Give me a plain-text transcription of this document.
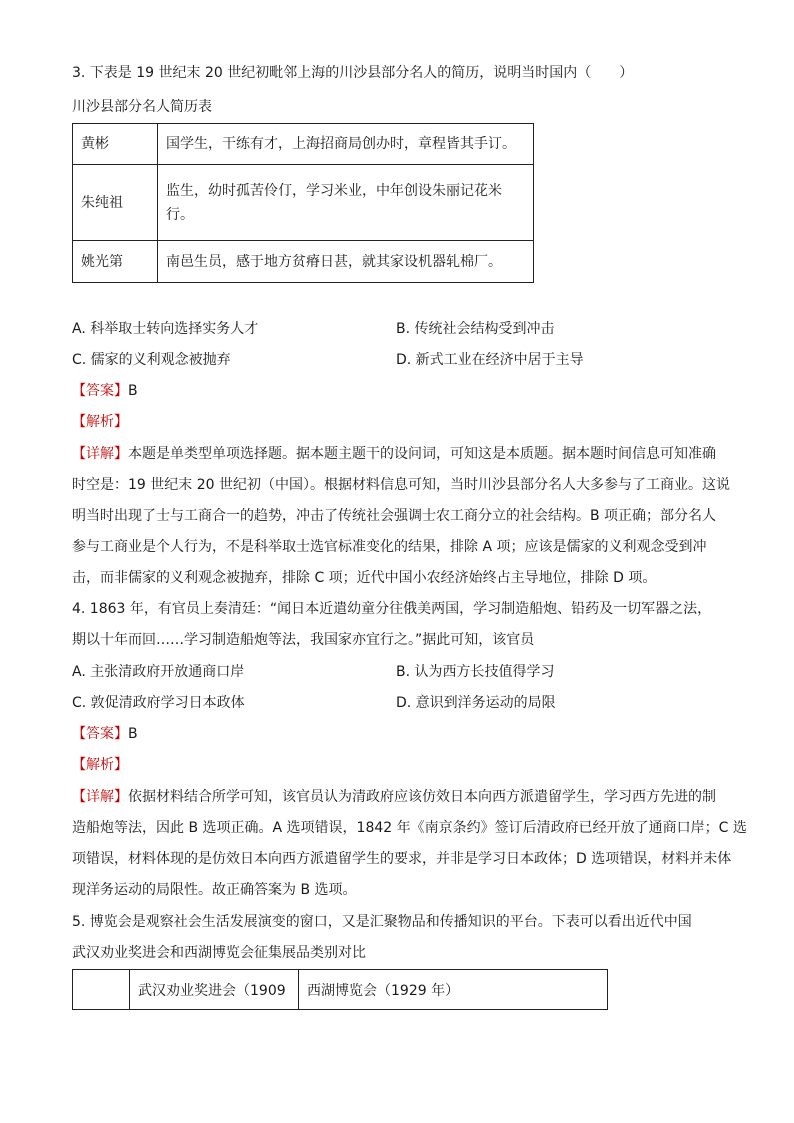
3. 下表是 19 世纪末 20 世纪初毗邻上海的川沙县部分名人的简历，说明当时国内（　　）
川沙县部分名人简历表
黄彬	国学生，干练有才，上海招商局创办时，章程皆其手订。
朱纯祖	监生，幼时孤苦伶仃，学习米业，中年创设朱丽记花米
行。

姚光第	南邑生员，感于地方贫瘠日甚，就其家设机器轧棉厂。
A. 科举取士转向选择实务人才	B. 传统社会结构受到冲击
C. 儒家的义利观念被抛弃	D. 新式工业在经济中居于主导
【答案】B
【解析】
【详解】本题是单类型单项选择题。据本题主题干的设问词，可知这是本质题。据本题时间信息可知准确
时空是：19 世纪末 20 世纪初（中国）。根据材料信息可知，当时川沙县部分名人大多参与了工商业。这说
明当时出现了士与工商合一的趋势，冲击了传统社会强调士农工商分立的社会结构。B 项正确；部分名人
参与工商业是个人行为，不是科举取士选官标准变化的结果，排除 A 项；应该是儒家的义利观念受到冲
击，而非儒家的义利观念被抛弃，排除 C 项；近代中国小农经济始终占主导地位，排除 D 项。
4. 1863 年，有官员上奏清廷：“闻日本近遣幼童分往俄美两国，学习制造船炮、铅药及一切军器之法，
期以十年而回……学习制造船炮等法，我国家亦宜行之。”据此可知，该官员
A. 主张清政府开放通商口岸	B. 认为西方长技值得学习
C. 敦促清政府学习日本政体	D. 意识到洋务运动的局限
【答案】B
【解析】
【详解】依据材料结合所学可知，该官员认为清政府应该仿效日本向西方派遣留学生，学习西方先进的制
造船炮等法，因此 B 选项正确。A 选项错误，1842 年《南京条约》签订后清政府已经开放了通商口岸；C 选
项错误，材料体现的是仿效日本向西方派遣留学生的要求，并非是学习日本政体；D 选项错误，材料并未体
现洋务运动的局限性。故正确答案为 B 选项。
5. 博览会是观察社会生活发展演变的窗口，又是汇聚物品和传播知识的平台。下表可以看出近代中国
武汉劝业奖进会和西湖博览会征集展品类别对比
	武汉劝业奖进会（1909	西湖博览会（1929 年）
